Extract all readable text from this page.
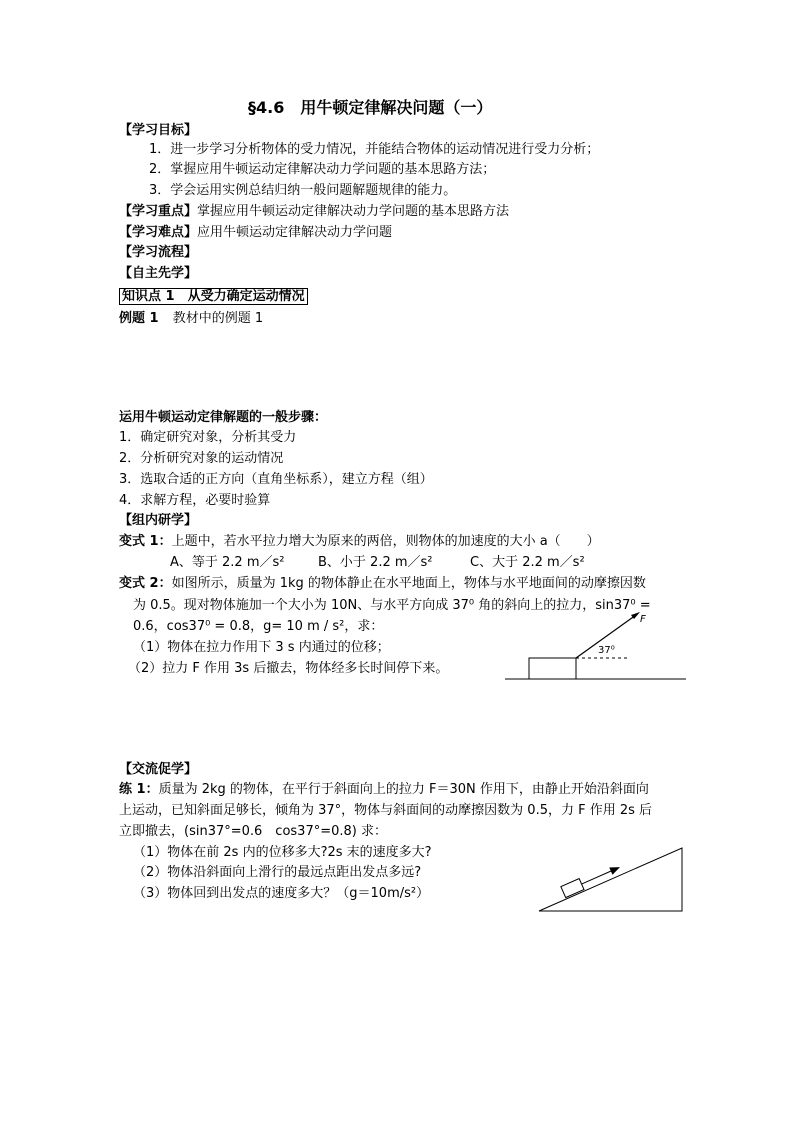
§4.6　用牛顿定律解决问题（一）
【学习目标】
1．进一步学习分析物体的受力情况，并能结合物体的运动情况进行受力分析；
2．掌握应用牛顿运动定律解决动力学问题的基本思路方法；
3．学会运用实例总结归纳一般问题解题规律的能力。
【学习重点】掌握应用牛顿运动定律解决动力学问题的基本思路方法
【学习难点】应用牛顿运动定律解决动力学问题
【学习流程】
【自主先学】
知识点 1　从受力确定运动情况
例题 1 教材中的例题 1
运用牛顿运动定律解题的一般步骤：
1．确定研究对象，分析其受力
2．分析研究对象的运动情况
3．选取合适的正方向（直角坐标系），建立方程（组）
4．求解方程，必要时验算
【组内研学】
变式 1：上题中，若水平拉力增大为原来的两倍，则物体的加速度的大小 a（　　）
A、等于 2.2 m／s²	B、小于 2.2 m／s²	C、大于 2.2 m／s²
变式 2：如图所示，质量为 1kg 的物体静止在水平地面上，物体与水平地面间的动摩擦因数
为 0.5。现对物体施加一个大小为 10N、与水平方向成 37⁰ 角的斜向上的拉力，sin37⁰ =
0.6，cos37⁰ = 0.8，g= 10 m / s²，求：
（1）物体在拉力作用下 3 s 内通过的位移；
（2）拉力 F 作用 3s 后撤去，物体经多长时间停下来。
F
37⁰
【交流促学】
练 1：质量为 2kg 的物体，在平行于斜面向上的拉力 F＝30N 作用下，由静止开始沿斜面向
上运动，已知斜面足够长，倾角为 37°，物体与斜面间的动摩擦因数为 0.5，力 F 作用 2s 后
立即撤去，(sin37°=0.6　cos37°=0.8) 求：
（1）物体在前 2s 内的位移多大?2s 末的速度多大?
（2）物体沿斜面向上滑行的最远点距出发点多远?
（3）物体回到出发点的速度多大？（g＝10m/s²）
